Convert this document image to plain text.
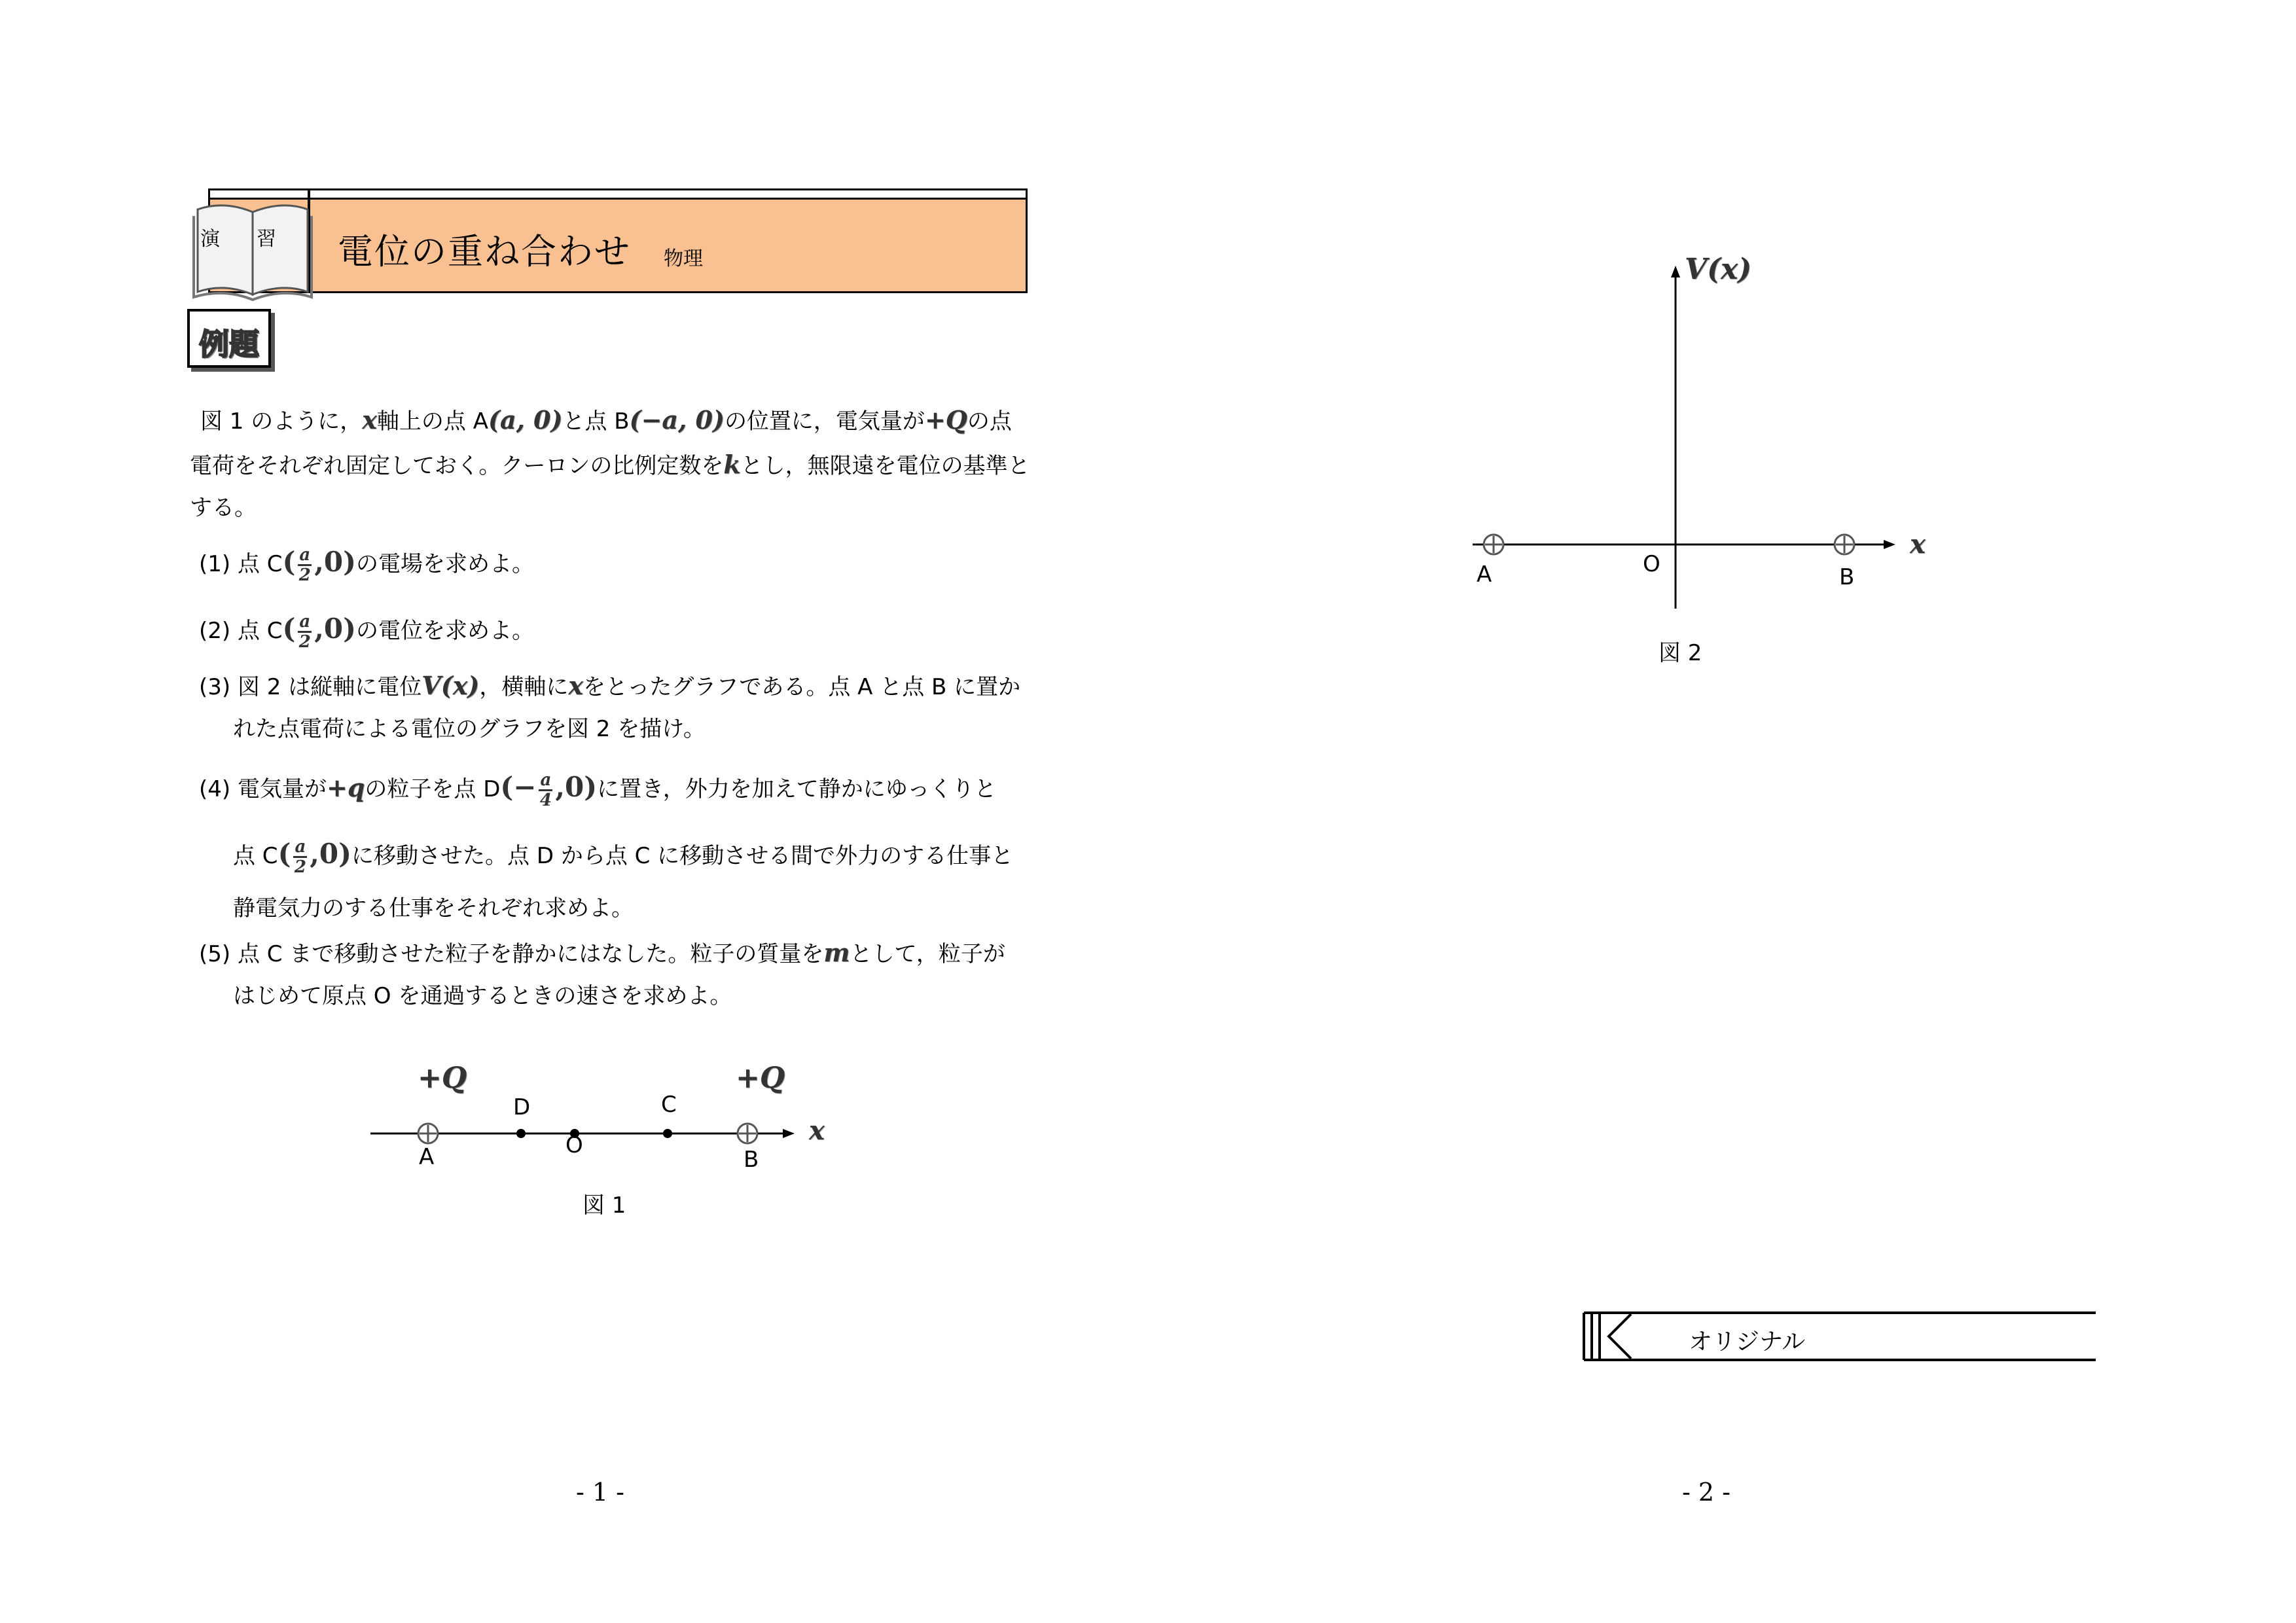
演 習 電位の重ね合わせ 物理
例題
図 1 のように，x軸上の点 A(a, 0)と点 B(−a, 0)の位置に，電気量が+Qの点
電荷をそれぞれ固定しておく。クーロンの比例定数をkとし，無限遠を電位の基準と
する。
(1) 点 $C( \frac{a}{2} ,0)$の電場を求めよ。
(2) 点 $C( \frac{a}{2} ,0)$の電位を求めよ。
(3) 図 2 は縦軸に電位V(x)，横軸にxをとったグラフである。点 A と点 B に置か
れた点電荷による電位のグラフを図 2 を描け。
(4) 電気量が+qの粒子を点 $D(- \frac{a}{4} ,0)$に置き，外力を加えて静かにゆっくりと
点 $C( \frac{a}{2} ,0)$に移動させた。点 D から点 C に移動させる間で外力のする仕事と
静電気力のする仕事をそれぞれ求めよ。
(5) 点 C まで移動させた粒子を静かにはなした。粒子の質量をmとして，粒子が
はじめて原点 O を通過するときの速さを求めよ。
+Q	+Q
A
D
O
C
B
x
図 1
- 1 -
V(x)
x
A	O	B
図 2
オリジナル
- 2 -
